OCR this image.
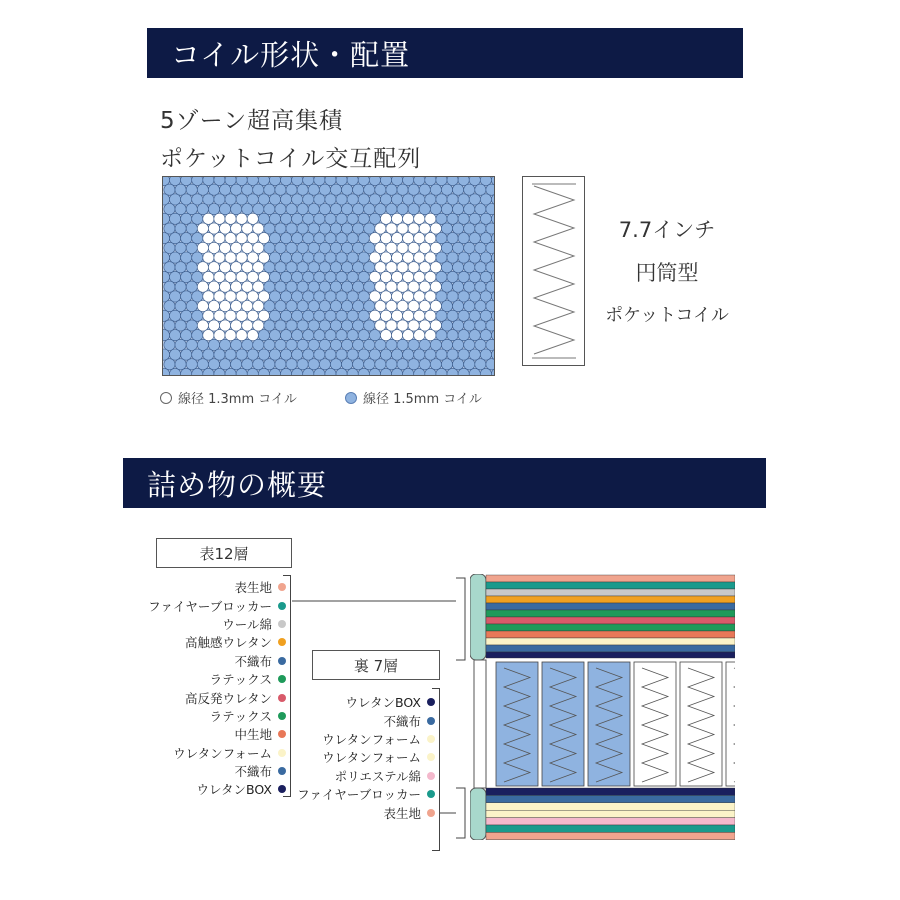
コイル形状・配置
5ゾーン超高集積
ポケットコイル交互配列
7.7インチ
円筒型
ポケットコイル
線径 1.3mm コイル	線径 1.5mm コイル
詰め物の概要
表12層
表生地
ファイヤーブロッカー
ウール綿
高触感ウレタン
不織布
ラテックス
高反発ウレタン
ラテックス
中生地
ウレタンフォーム
不織布
ウレタンBOX
裏 7層
ウレタンBOX
不織布
ウレタンフォーム
ウレタンフォーム
ポリエステル綿
ファイヤーブロッカー
表生地
